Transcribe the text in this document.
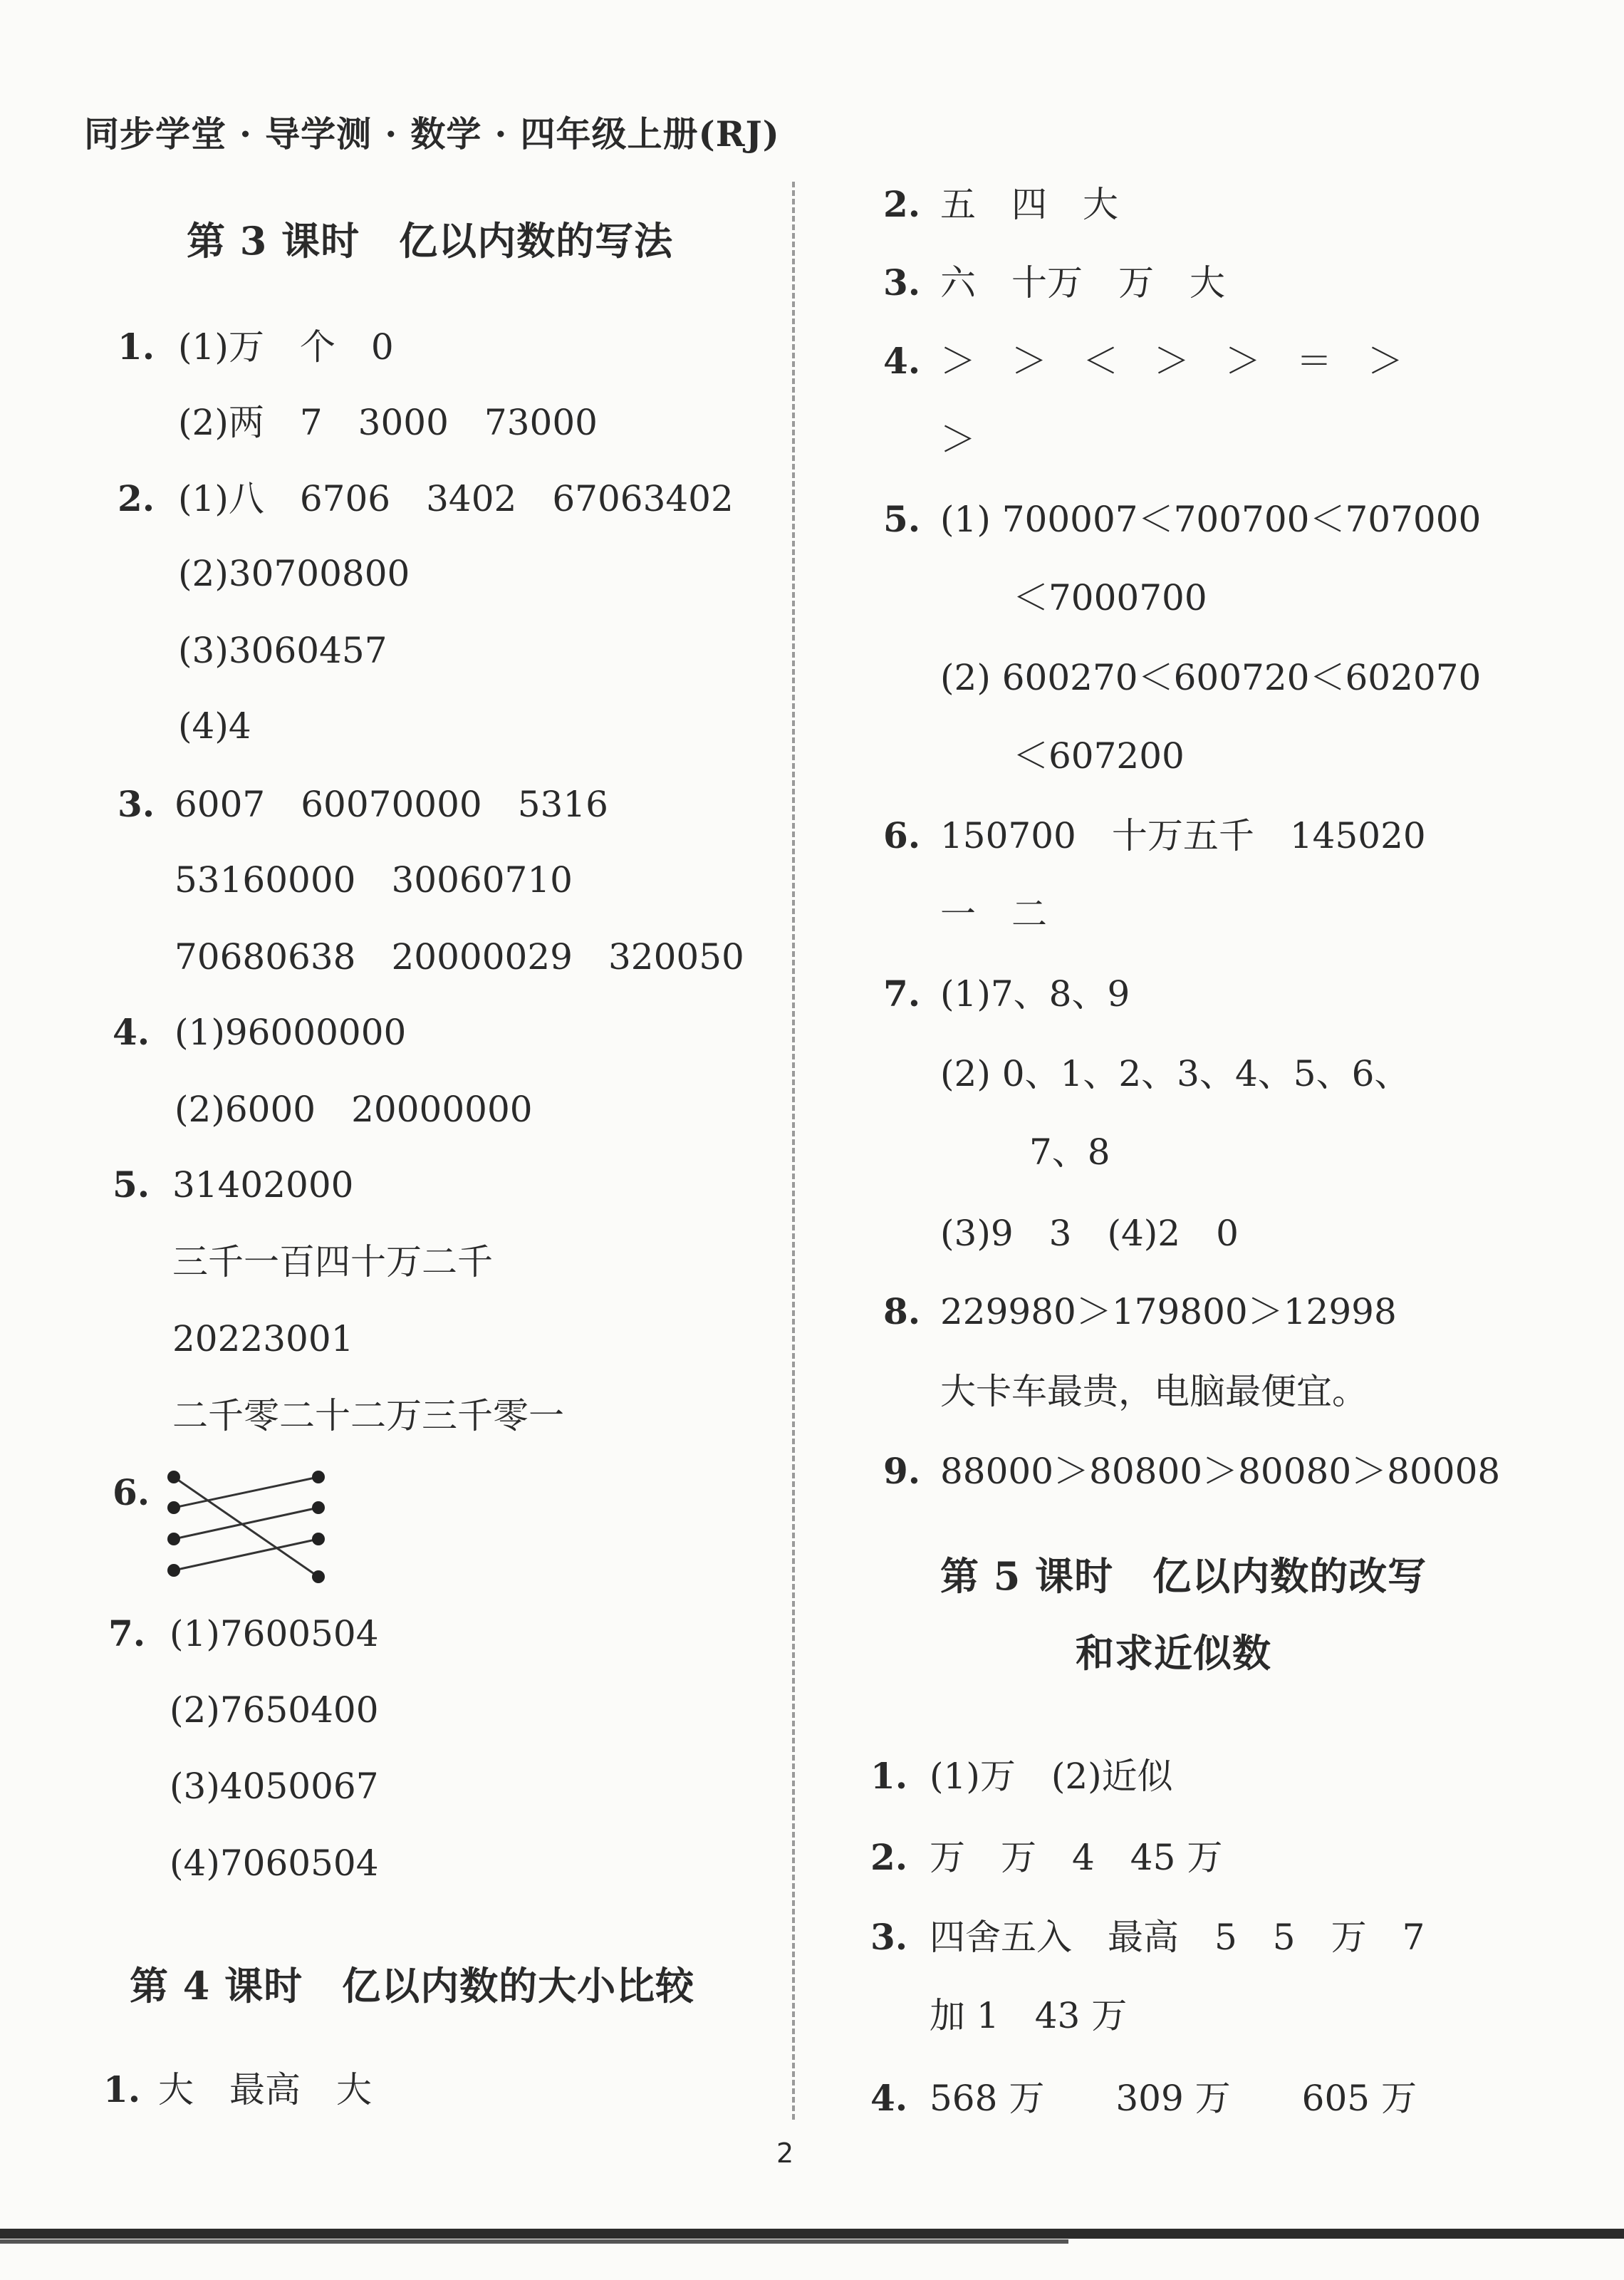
同步学堂 · 导学测 · 数学 · 四年级上册(RJ)
第 3 课时　亿以内数的写法
1. (1)万　个　0
(2)两　7　3000　73000
2. (1)八　6706　3402　67063402
(2)30700800
(3)3060457
(4)4
3. 6007　60070000　5316
53160000　30060710
70680638　20000029　320050
4. (1)96000000
(2)6000　20000000
5. 31402000
三千一百四十万二千
20223001
二千零二十二万三千零一
6.
7. (1)7600504
(2)7650400
(3)4050067
(4)7060504
第 4 课时　亿以内数的大小比较
1. 大　最高　大
2. 五　四　大
3. 六　十万　万　大
4. ＞　＞　＜　＞　＞　＝　＞
＞
5. (1) 700007＜700700＜707000
＜7000700
(2) 600270＜600720＜602070
＜607200
6. 150700　十万五千　145020
一　二
7. (1)7、8、9
(2) 0、1、2、3、4、5、6、
7、8
(3)9　3　(4)2　0
8. 229980＞179800＞12998
大卡车最贵，电脑最便宜。
9. 88000＞80800＞80080＞80008
第 5 课时　亿以内数的改写
和求近似数
1. (1)万　(2)近似
2. 万　万　4　45 万
3. 四舍五入　最高　5　5　万　7
加 1　43 万
4. 568 万　　309 万　　605 万
2
